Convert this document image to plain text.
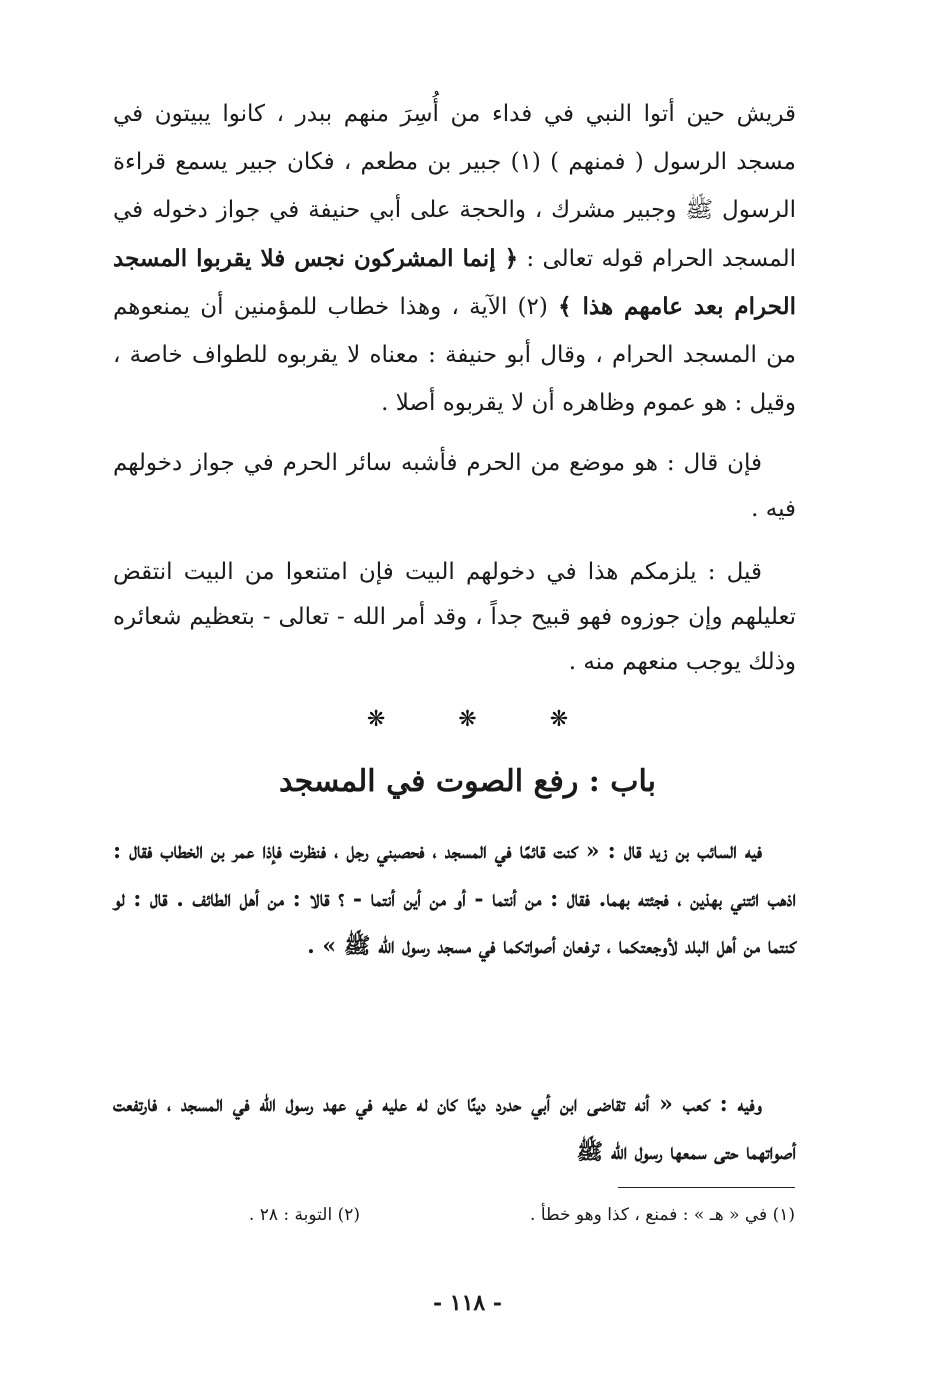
قريش حين أتوا النبي في فداء من أُسِرَ منهم ببدر ، كانوا يبيتون في مسجد الرسول ( فمنهم ) (١) جبير بن مطعم ، فكان جبير يسمع قراءة الرسول ﷺ وجبير مشرك ، والحجة على أبي حنيفة في جواز دخوله في المسجد الحرام قوله تعالى : ﴿ إنما المشركون نجس فلا يقربوا المسجد الحرام بعد عامهم هذا ﴾ (٢) الآية ، وهذا خطاب للمؤمنين أن يمنعوهم من المسجد الحرام ، وقال أبو حنيفة : معناه لا يقربوه للطواف خاصة ، وقيل : هو عموم وظاهره أن لا يقربوه أصلا .
فإن قال : هو موضع من الحرم فأشبه سائر الحرم في جواز دخولهم فيه .
قيل : يلزمكم هذا في دخولهم البيت فإن امتنعوا من البيت انتقض تعليلهم وإن جوزوه فهو قبيح جداً ، وقد أمر الله - تعالى - بتعظيم شعائره وذلك يوجب منعهم منه .
❋	❋	❋
باب : رفع الصوت في المسجد
فيه السائب بن زيد قال : « كنت قائمًا في المسجد ، فحصبني رجل ، فنظرت فإذا عمر بن الخطاب فقال : اذهب ائتني بهذين ، فجئته بهما. فقال : من أنتما - أو من أين أنتما - ؟ قالا : من أهل الطائف . قال : لو كنتما من أهل البلد لأوجعتكما ، ترفعان أصواتكما في مسجد رسول الله ﷺ » .
وفيه : كعب « أنه تقاضى ابن أبي حدرد دينًا كان له عليه في عهد رسول الله في المسجد ، فارتفعت أصواتهما حتى سمعها رسول الله ﷺ
(١) في « هـ » : فمنع ، كذا وهو خطأ .
(٢) التوبة : ٢٨ .
- ١١٨ -
